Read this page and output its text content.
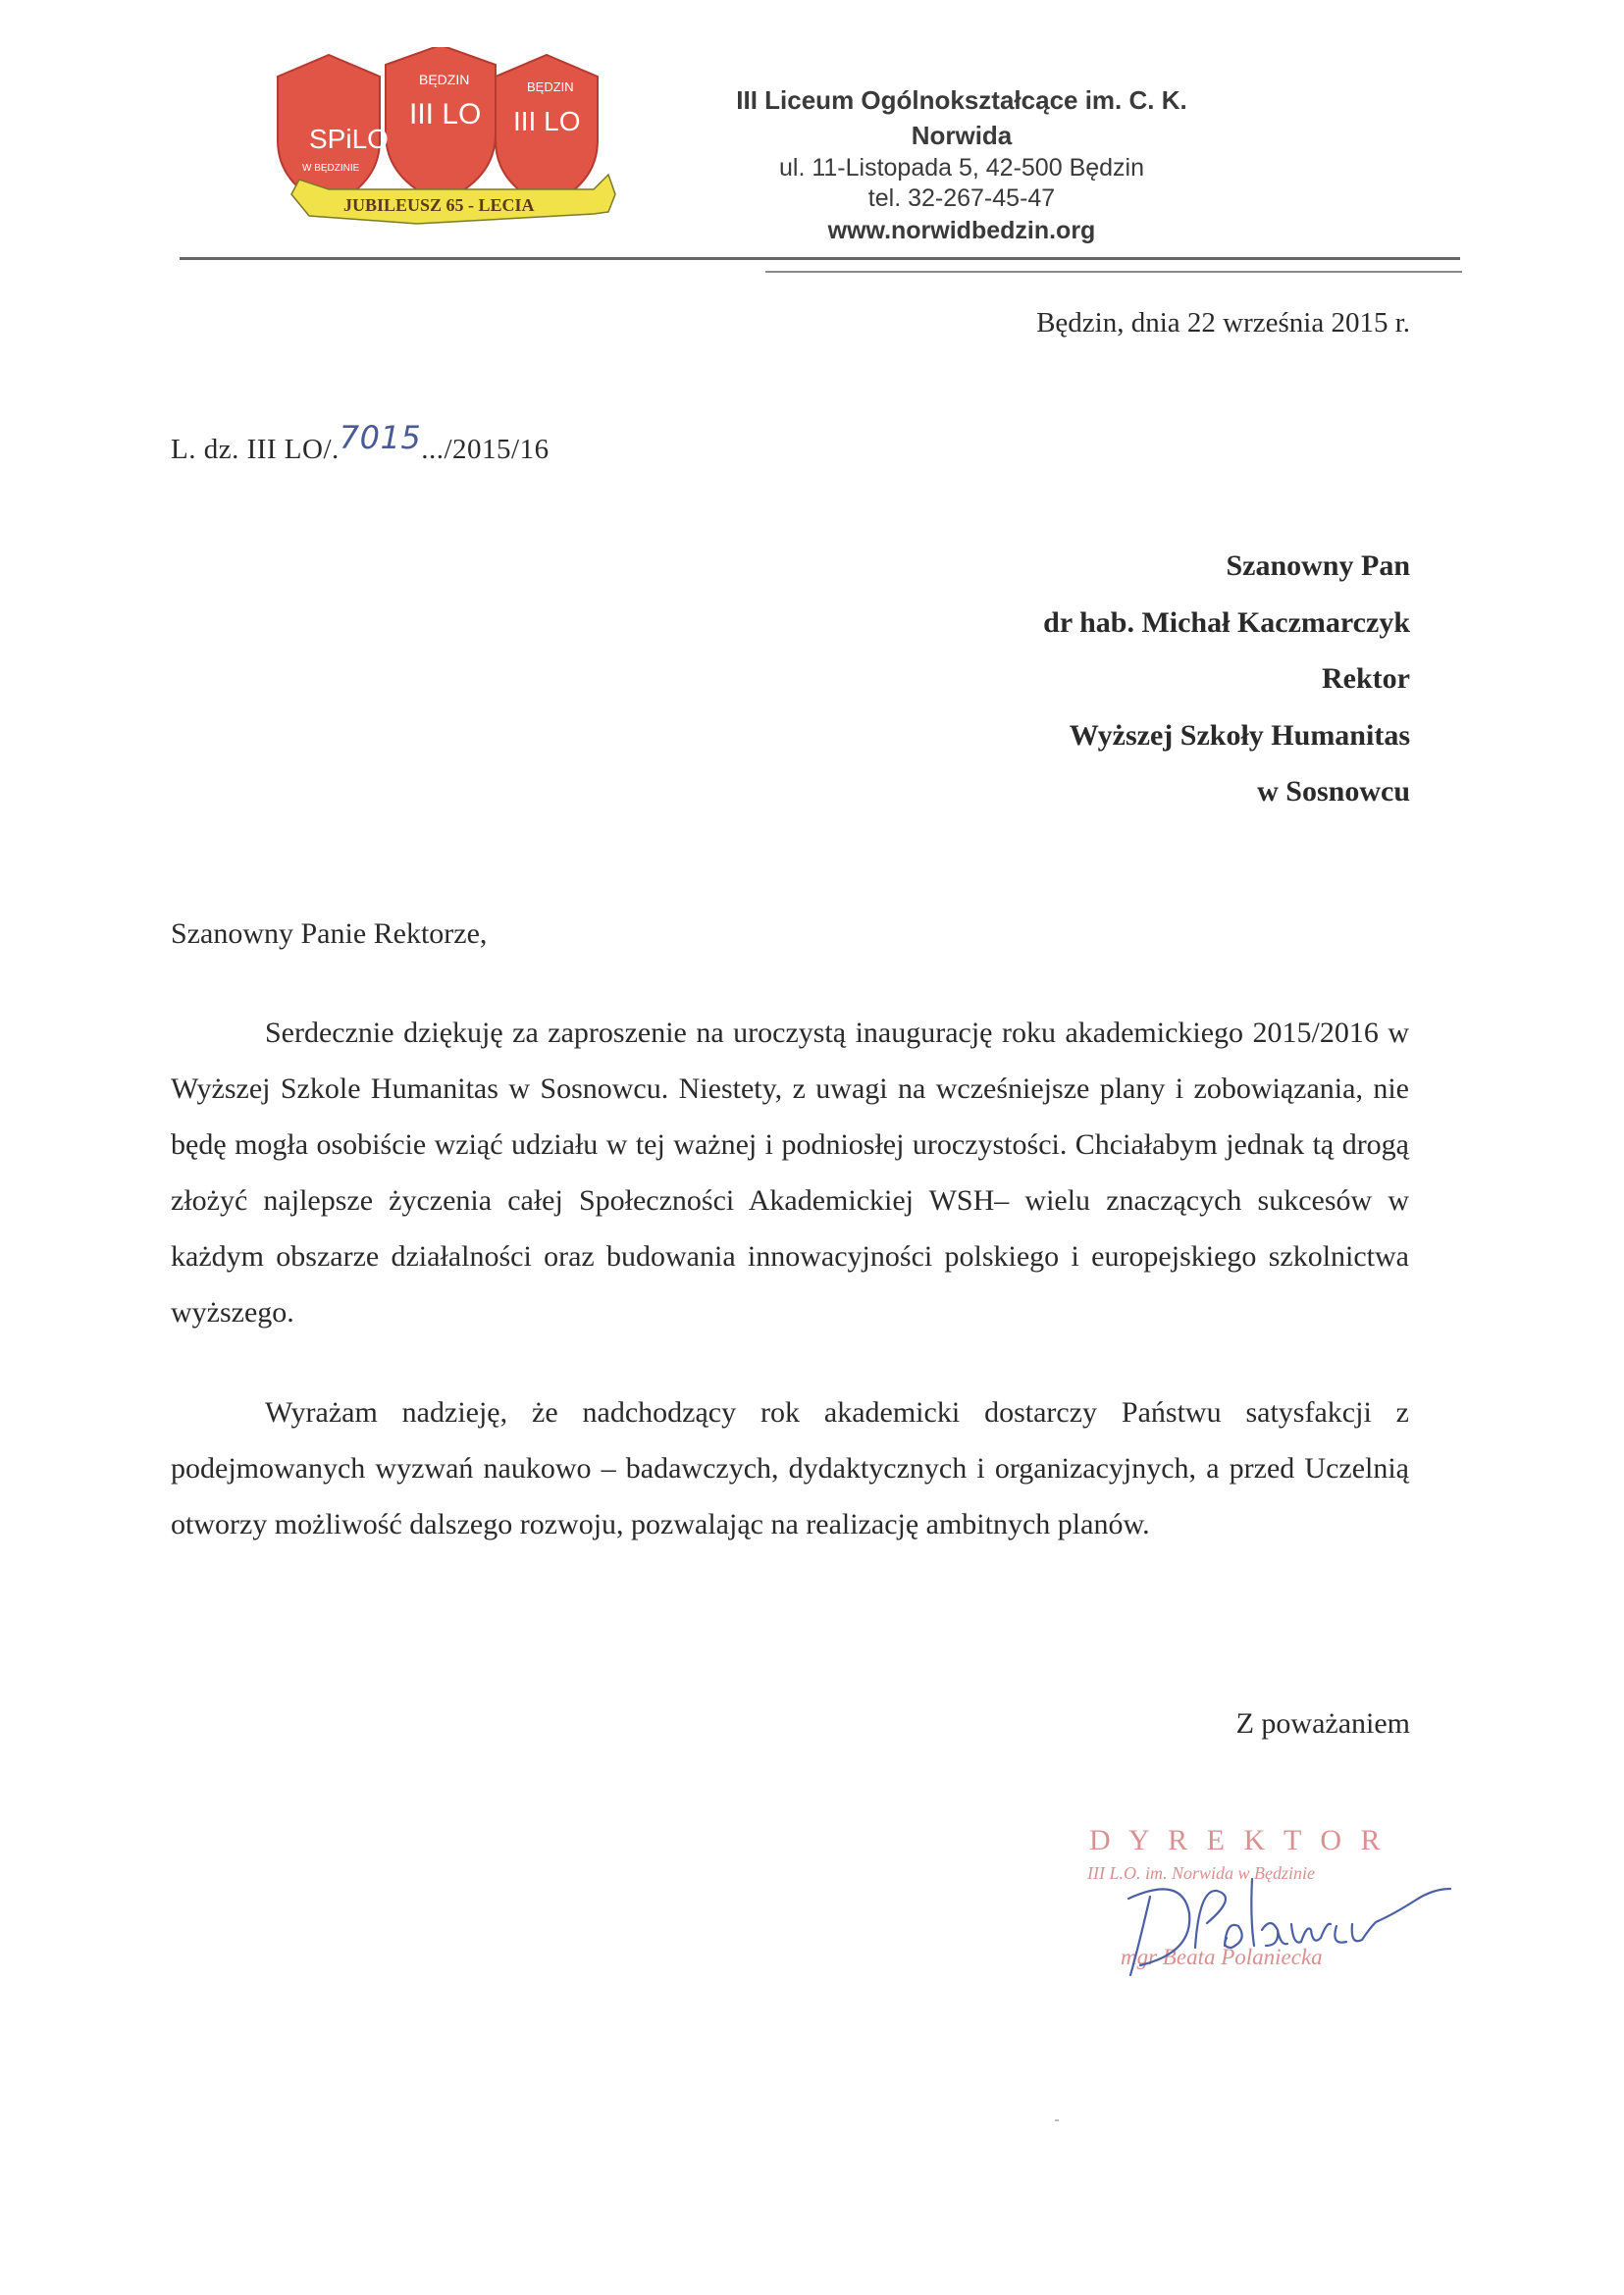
SPiLO
W BĘDZINIE
BĘDZIN
III LO
BĘDZIN
III LO
JUBILEUSZ 65 - LECIA
III Liceum Ogólnokształcące im. C. K. Norwida
ul. 11-Listopada 5, 42-500 Będzin
tel. 32-267-45-47
www.norwidbedzin.org
Będzin, dnia 22 września 2015 r.
L. dz. III LO/.7015.../2015/16
Szanowny Pan
dr hab. Michał Kaczmarczyk
Rektor
Wyższej Szkoły Humanitas
w Sosnowcu
Szanowny Panie Rektorze,
Serdecznie dziękuję za zaproszenie na uroczystą inaugurację roku akademickiego 2015/2016 w Wyższej Szkole Humanitas w Sosnowcu. Niestety, z uwagi na wcześniejsze plany i zobowiązania, nie będę mogła osobiście wziąć udziału w tej ważnej i podniosłej uroczystości. Chciałabym jednak tą drogą złożyć najlepsze życzenia całej Społeczności Akademickiej WSH– wielu znaczących sukcesów w każdym obszarze działalności oraz budowania innowacyjności polskiego i europejskiego szkolnictwa wyższego.
Wyrażam nadzieję, że nadchodzący rok akademicki dostarczy Państwu satysfakcji z podejmowanych wyzwań naukowo – badawczych, dydaktycznych i organizacyjnych, a przed Uczelnią otworzy możliwość dalszego rozwoju, pozwalając na realizację ambitnych planów.
Z poważaniem
D Y R E K T O R
III L.O. im. Norwida w Będzinie
mgr Beata Polaniecka
